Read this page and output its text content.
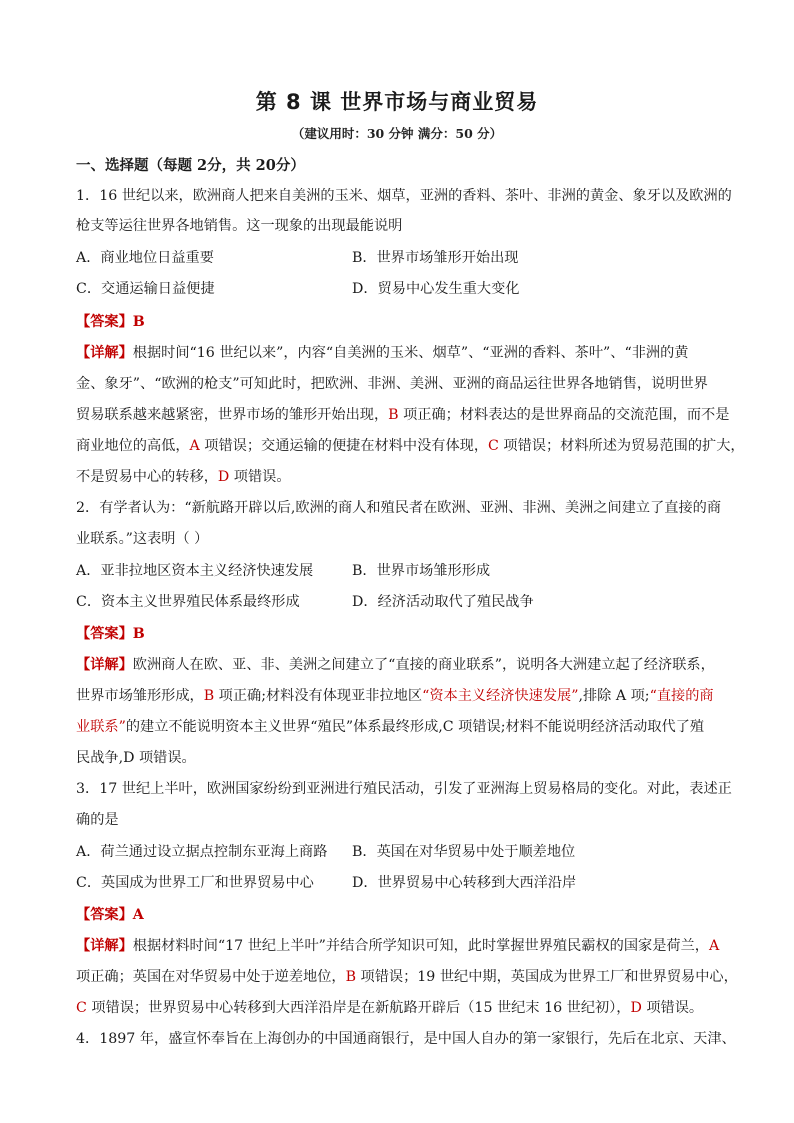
第 8 课 世界市场与商业贸易
（建议用时：30 分钟 满分：50 分）
一、选择题（每题 2分，共 20分）
1．16 世纪以来，欧洲商人把来自美洲的玉米、烟草，亚洲的香料、茶叶、非洲的黄金、象牙以及欧洲的
枪支等运往世界各地销售。这一现象的出现最能说明
A．商业地位日益重要	B．世界市场雏形开始出现
C．交通运输日益便捷	D．贸易中心发生重大变化
【答案】B
【详解】根据时间“16 世纪以来”，内容“自美洲的玉米、烟草”、“亚洲的香料、茶叶”、“非洲的黄
金、象牙”、“欧洲的枪支”可知此时，把欧洲、非洲、美洲、亚洲的商品运往世界各地销售，说明世界
贸易联系越来越紧密，世界市场的雏形开始出现，B 项正确；材料表达的是世界商品的交流范围，而不是
商业地位的高低，A 项错误；交通运输的便捷在材料中没有体现，C 项错误；材料所述为贸易范围的扩大，
不是贸易中心的转移，D 项错误。
2．有学者认为：“新航路开辟以后,欧洲的商人和殖民者在欧洲、亚洲、非洲、美洲之间建立了直接的商
业联系。”这表明（ ）
A．亚非拉地区资本主义经济快速发展	B．世界市场雏形形成
C．资本主义世界殖民体系最终形成	D．经济活动取代了殖民战争
【答案】B
【详解】欧洲商人在欧、亚、非、美洲之间建立了“直接的商业联系”，说明各大洲建立起了经济联系，
世界市场雏形形成，B 项正确;材料没有体现亚非拉地区“资本主义经济快速发展”,排除 A 项;“直接的商
业联系”的建立不能说明资本主义世界“殖民”体系最终形成,C 项错误;材料不能说明经济活动取代了殖
民战争,D 项错误。
3．17 世纪上半叶，欧洲国家纷纷到亚洲进行殖民活动，引发了亚洲海上贸易格局的变化。对此，表述正
确的是
A．荷兰通过设立据点控制东亚海上商路 B．英国在对华贸易中处于顺差地位
C．英国成为世界工厂和世界贸易中心	D．世界贸易中心转移到大西洋沿岸
【答案】A
【详解】根据材料时间“17 世纪上半叶”并结合所学知识可知，此时掌握世界殖民霸权的国家是荷兰，A
项正确；英国在对华贸易中处于逆差地位，B 项错误；19 世纪中期，英国成为世界工厂和世界贸易中心，
C 项错误；世界贸易中心转移到大西洋沿岸是在新航路开辟后（15 世纪末 16 世纪初），D 项错误。
4．1897 年，盛宣怀奉旨在上海创办的中国通商银行，是中国人自办的第一家银行，先后在北京、天津、
